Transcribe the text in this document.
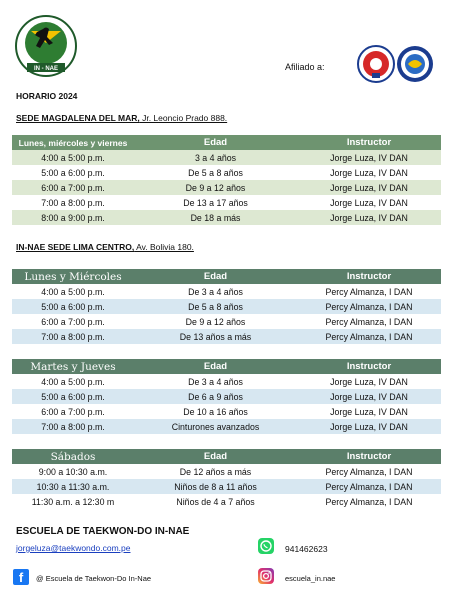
IN - NAE	Afiliado a:
HORARIO 2024
SEDE MAGDALENA DEL MAR, Jr. Leoncio Prado 888.
Lunes, miércoles y viernes	Edad	Instructor
4:00 a 5:00 p.m.	3 a 4 años	Jorge Luza, IV DAN
5:00 a 6:00 p.m.	De 5 a 8 años	Jorge Luza, IV DAN
6:00 a 7:00 p.m.	De 9 a 12 años	Jorge Luza, IV DAN
7:00 a 8:00 p.m.	De 13 a 17 años	Jorge Luza, IV DAN
8:00 a 9:00 p.m.	De 18 a más	Jorge Luza, IV DAN
IN-NAE SEDE LIMA CENTRO, Av. Bolivia 180.
Lunes y Miércoles	Edad	Instructor
4:00 a 5:00 p.m.	De 3 a 4 años	Percy Almanza, I DAN
5:00 a 6:00 p.m.	De 5 a 8 años	Percy Almanza, I DAN
6:00 a 7:00 p.m.	De 9 a 12 años	Percy Almanza, I DAN
7:00 a 8:00 p.m.	De 13 años a más	Percy Almanza, I DAN
Martes y Jueves	Edad	Instructor
4:00 a 5:00 p.m.	De 3 a 4 años	Jorge Luza, IV DAN
5:00 a 6:00 p.m.	De 6 a 9 años	Jorge Luza, IV DAN
6:00 a 7:00 p.m.	De 10 a 16 años	Jorge Luza, IV DAN
7:00 a 8:00 p.m.	Cinturones avanzados	Jorge Luza, IV DAN
Sábados	Edad	Instructor
9:00 a 10:30 a.m.	De 12 años a más	Percy Almanza, I DAN
10:30 a 11:30 a.m.	Niños de 8 a 11 años	Percy Almanza, I DAN
11:30 a.m. a 12:30 m	Niños de 4 a 7 años	Percy Almanza, I DAN
ESCUELA DE TAEKWON-DO IN-NAE
jorgeluza@taekwondo.com.pe	941462623
f	@ Escuela de Taekwon-Do In-Nae	escuela_in.nae
